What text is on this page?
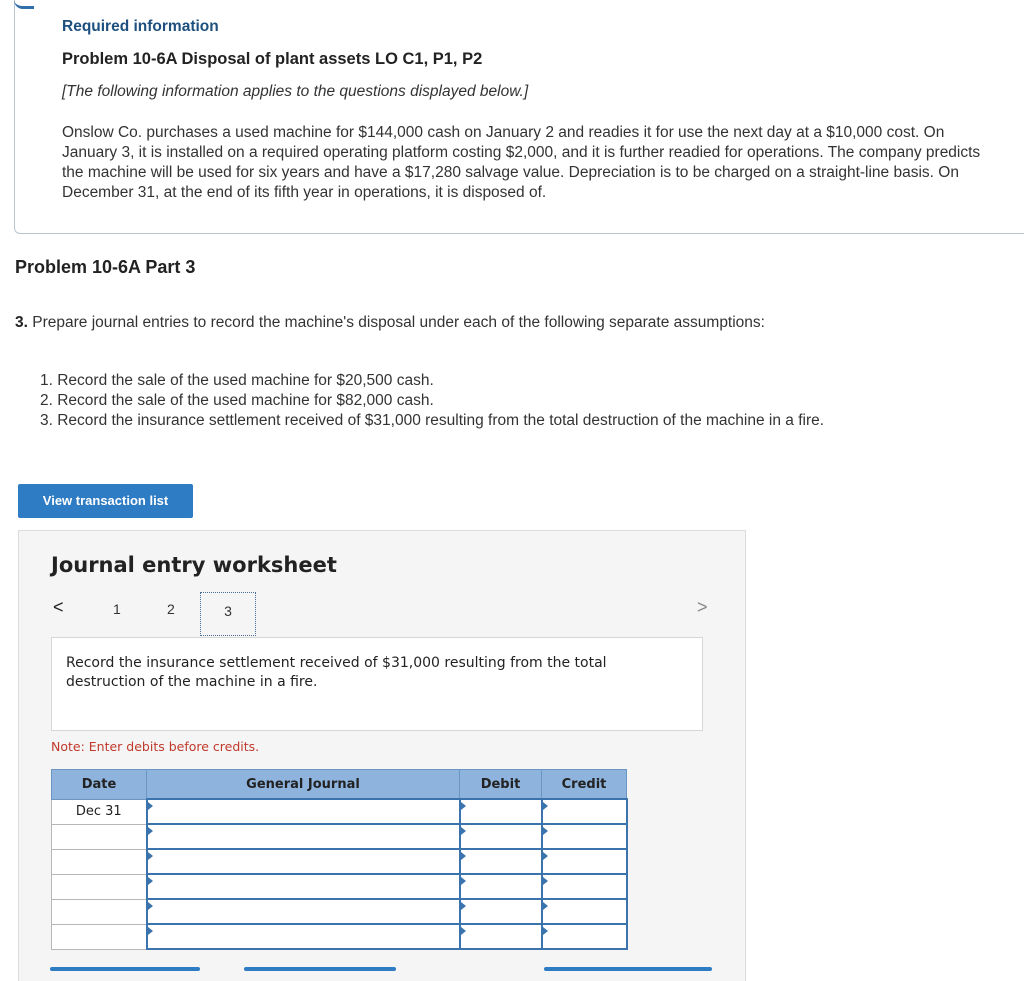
Required information
Problem 10-6A Disposal of plant assets LO C1, P1, P2
[The following information applies to the questions displayed below.]
Onslow Co. purchases a used machine for $144,000 cash on January 2 and readies it for use the next day at a $10,000 cost. On January 3, it is installed on a required operating platform costing $2,000, and it is further readied for operations. The company predicts the machine will be used for six years and have a $17,280 salvage value. Depreciation is to be charged on a straight-line basis. On December 31, at the end of its fifth year in operations, it is disposed of.
Problem 10-6A Part 3
3. Prepare journal entries to record the machine's disposal under each of the following separate assumptions:
1. Record the sale of the used machine for $20,500 cash.
2. Record the sale of the used machine for $82,000 cash.
3. Record the insurance settlement received of $31,000 resulting from the total destruction of the machine in a fire.
View transaction list
Journal entry worksheet
<	1	2	3	>
Record the insurance settlement received of $31,000 resulting from the total destruction of the machine in a fire.
Note: Enter debits before credits.
Date	General Journal	Debit	Credit
Dec 31			
